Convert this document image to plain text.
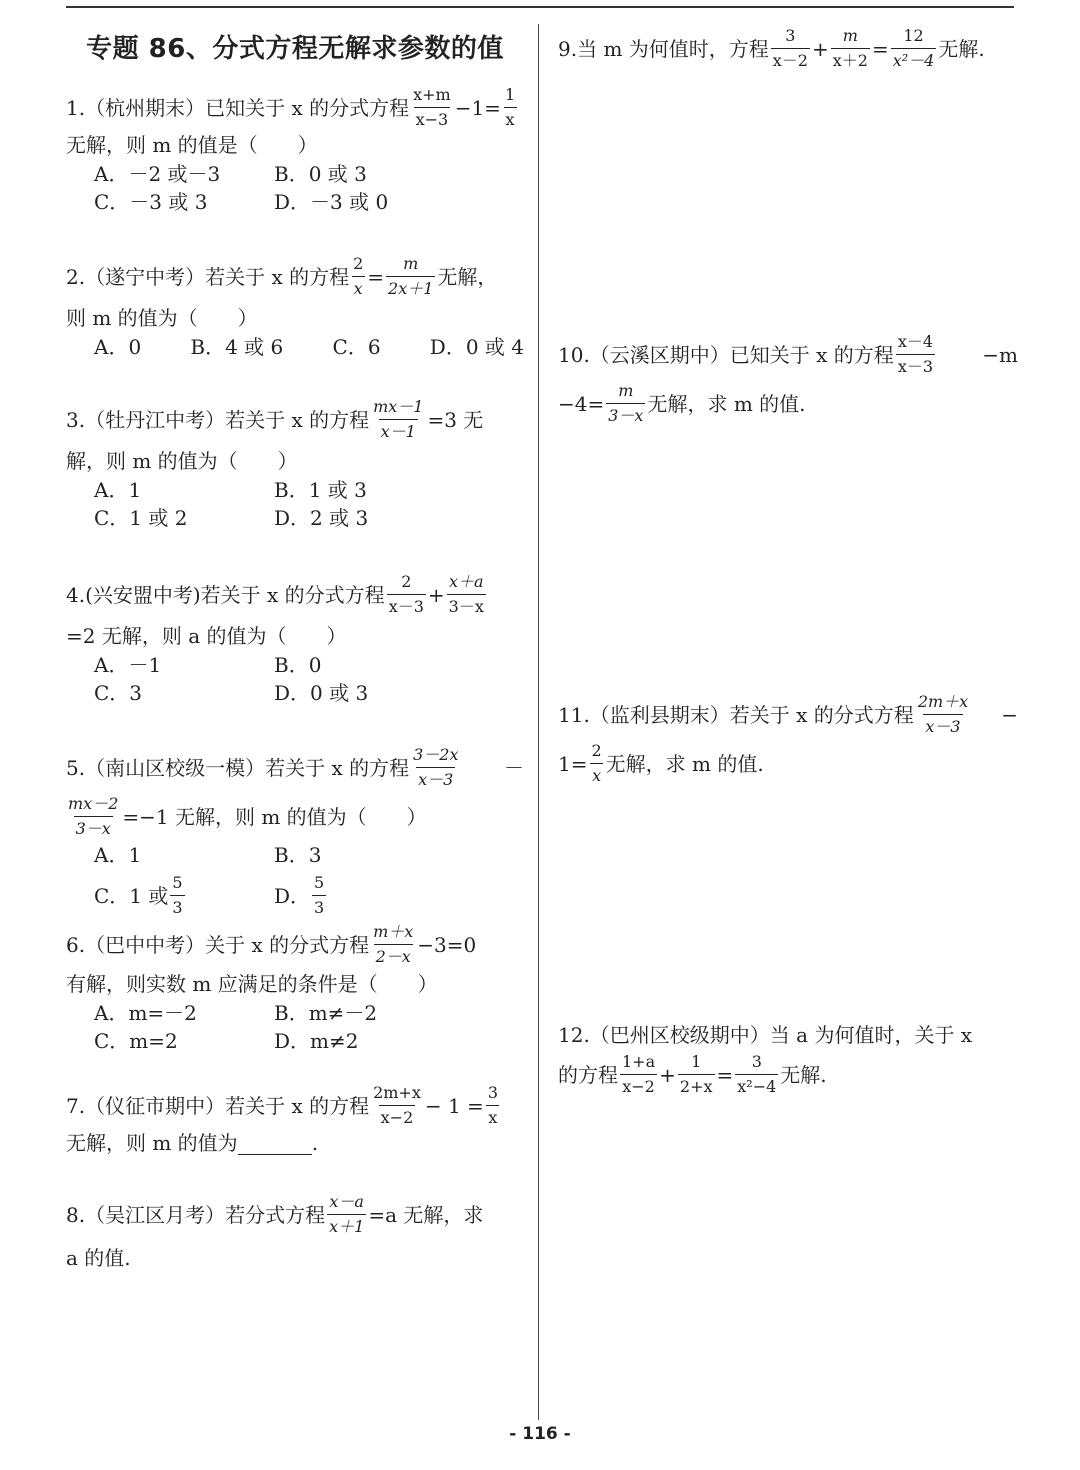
专题 86、分式方程无解求参数的值
1.（杭州期末）已知关于 x 的分式方程 $\frac{x+m}{x-3} -1= \frac{1}{x}$
无解，则 m 的值是（　　）
A．－2 或－3	B．0 或 3
C．－3 或 3	D．－3 或 0
2.（遂宁中考）若关于 x 的方程 $\frac{2}{x} = \frac{m}{2x+1}$ 无解，
则 m 的值为（　　）
A．0 B．4 或 6 C．6 D．0 或 4
3.（牡丹江中考）若关于 x 的方程 $\frac{mx-1}{x-1} =3$ 无
解，则 m 的值为（　　）
A．1	B．1 或 3
C．1 或 2	D．2 或 3
4.(兴安盟中考)若关于 x 的分式方程 $\frac{2}{x-3} + \frac{x+a}{3-x}$
=2 无解，则 a 的值为（　　）
A．－1	B．0
C．3	D．0 或 3
5.（南山区校级一模）若关于 x 的方程 $\frac{3-2x}{x-3}$ －
$\frac{mx-2}{3-x} =-1$ 无解，则 m 的值为（　　）
A．1	B．3
C．1 或 $\frac{5}{3}$	D． $\frac{5}{3}$
6.（巴中中考）关于 x 的分式方程 $\frac{m+x}{2-x} -3=0$
有解，则实数 m 应满足的条件是（　　）
A．m=－2	B．m≠－2
C．m=2	D．m≠2
7.（仪征市期中）若关于 x 的方程 $\frac{2m+x}{x-2} - 1 = \frac{3}{x}$
无解，则 m 的值为	.
8.（吴江区月考）若分式方程 $\frac{x-a}{x+1} =a$ 无解，求
a 的值.
9.当 m 为何值时，方程 $\frac{3}{x-2} + \frac{m}{x+2} = \frac{12}{\text{x²－4}}$ 无解.
10.（云溪区期中）已知关于 x 的方程 $\frac{x-4}{x-3} -m$
$-4= \frac{m}{3-x}$ 无解，求 m 的值.
11.（监利县期末）若关于 x 的分式方程 $\frac{2m+x}{x-3}$ −
$1= \frac{2}{x}$ 无解，求 m 的值.
12.（巴州区校级期中）当 a 为何值时，关于 x
的方程 $\frac{1+a}{x-2} + \frac{1}{2+x} = \frac{3}{\text{x²−4}}$ 无解.
- 116 -
